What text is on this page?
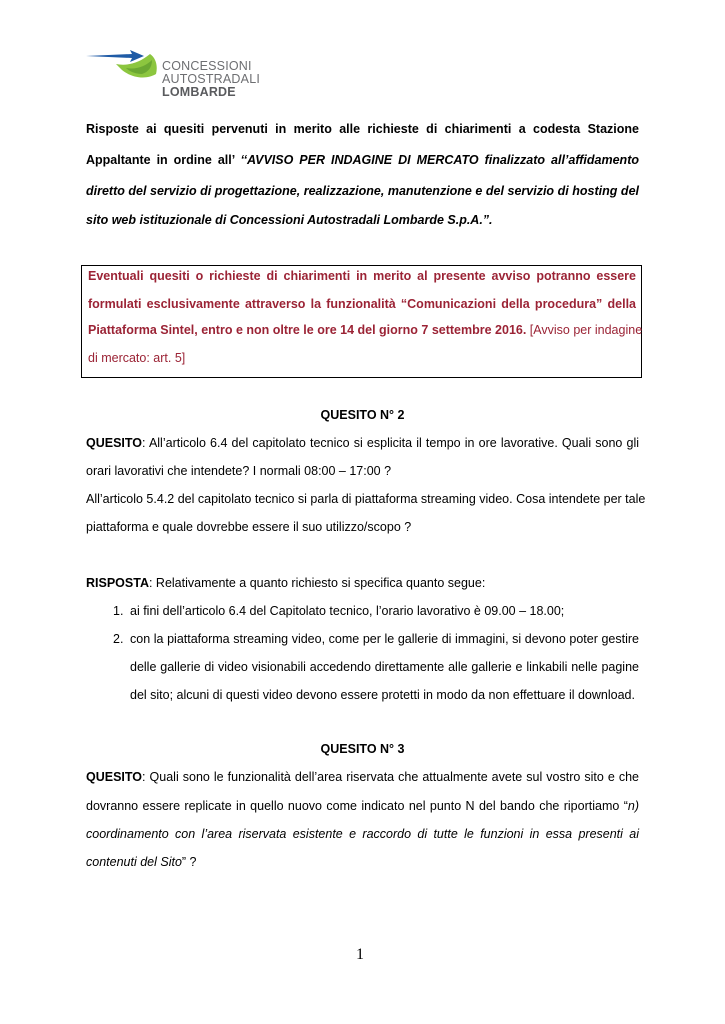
CONCESSIONI
AUTOSTRADALI
LOMBARDE
Risposte ai quesiti pervenuti in merito alle richieste di chiarimenti a codesta Stazione
Appaltante in ordine all’ ‘‘AVVISO PER INDAGINE DI MERCATO finalizzato all’affidamento
diretto del servizio di progettazione, realizzazione, manutenzione e del servizio di hosting del
sito web istituzionale di Concessioni Autostradali Lombarde S.p.A.”.
Eventuali quesiti o richieste di chiarimenti in merito al presente avviso potranno essere
formulati esclusivamente attraverso la funzionalità “Comunicazioni della procedura” della
Piattaforma Sintel, entro e non oltre le ore 14 del giorno 7 settembre 2016. [Avviso per indagine
di mercato: art. 5]
QUESITO N° 2
QUESITO: All’articolo 6.4 del capitolato tecnico si esplicita il tempo in ore lavorative. Quali sono gli
orari lavorativi che intendete? I normali 08:00 – 17:00 ?
All’articolo 5.4.2 del capitolato tecnico si parla di piattaforma streaming video. Cosa intendete per tale
piattaforma e quale dovrebbe essere il suo utilizzo/scopo ?
RISPOSTA: Relativamente a quanto richiesto si specifica quanto segue:
1. ai fini dell’articolo 6.4 del Capitolato tecnico, l’orario lavorativo è 09.00 – 18.00;
2. con la piattaforma streaming video, come per le gallerie di immagini, si devono poter gestire
delle gallerie di video visionabili accedendo direttamente alle gallerie e linkabili nelle pagine
del sito; alcuni di questi video devono essere protetti in modo da non effettuare il download.
QUESITO N° 3
QUESITO: Quali sono le funzionalità dell’area riservata che attualmente avete sul vostro sito e che
dovranno essere replicate in quello nuovo come indicato nel punto N del bando che riportiamo “n)
coordinamento con l’area riservata esistente e raccordo di tutte le funzioni in essa presenti ai
contenuti del Sito” ?
1
